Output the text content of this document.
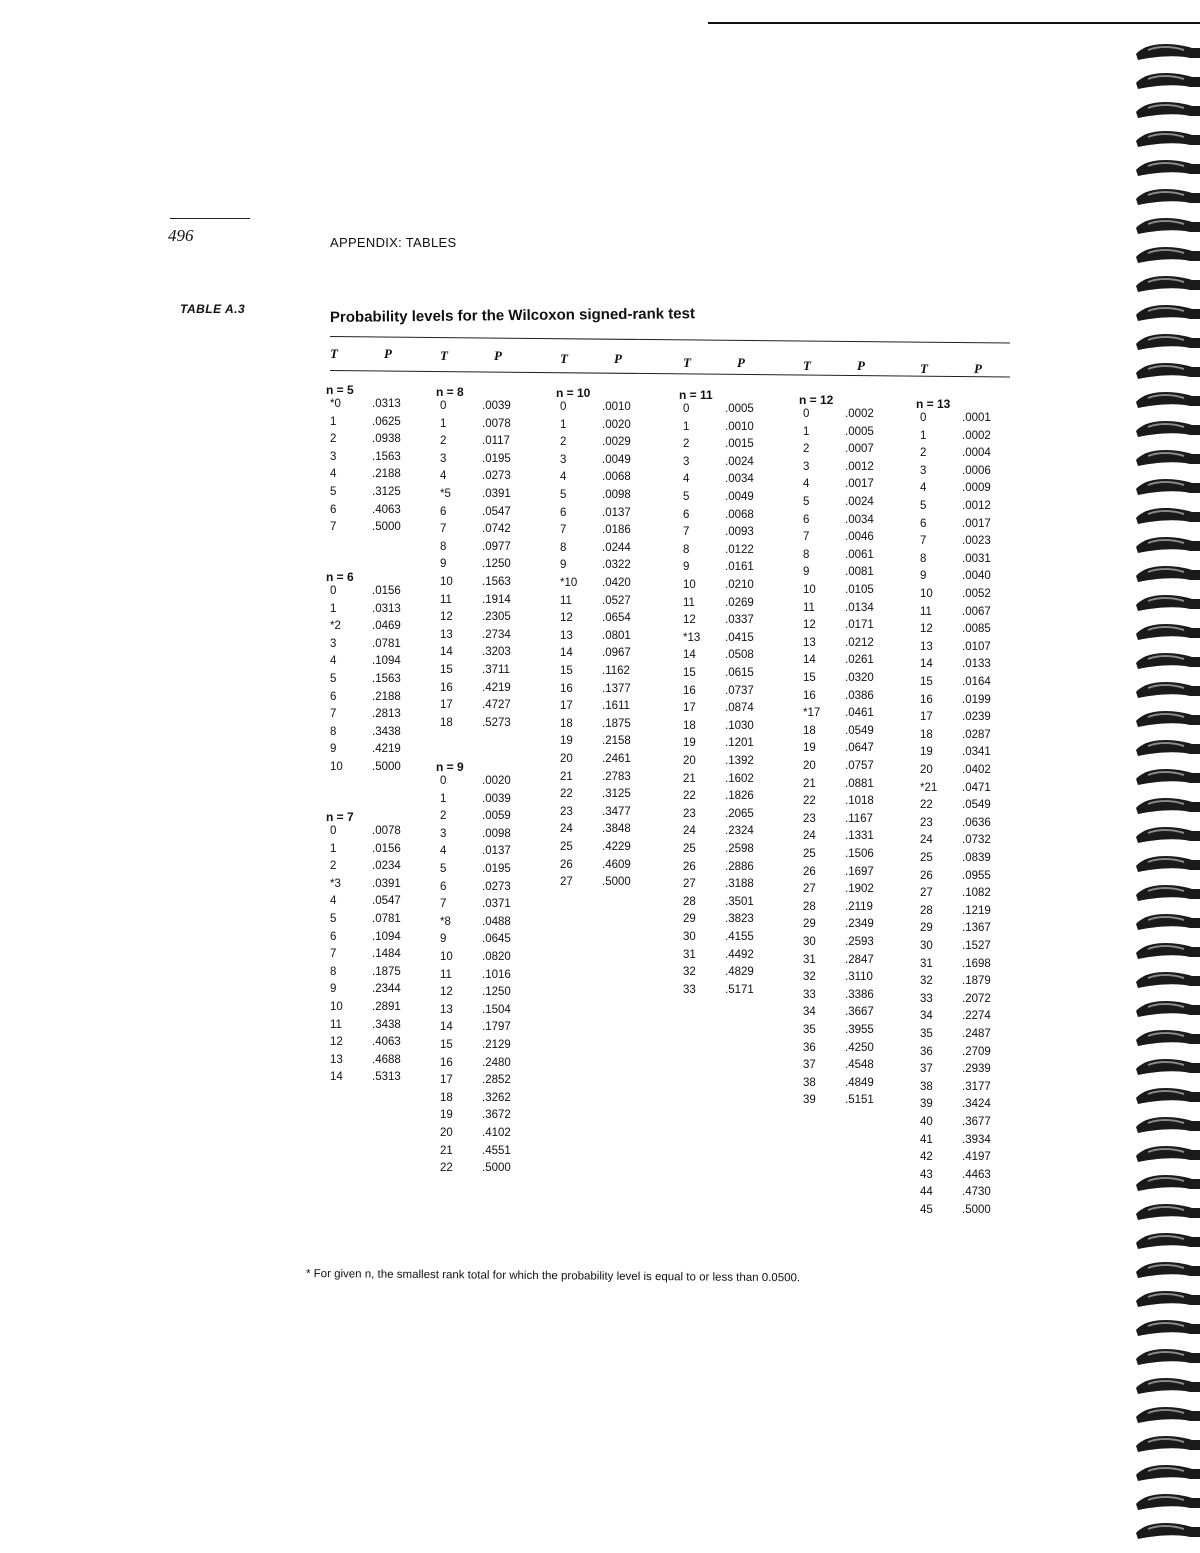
496	APPENDIX: TABLES
TABLE A.3	Probability levels for the Wilcoxon signed-rank test
T	P	T	P	T	P	T	P	T	P	T	P
n = 5
*0	.0313
1	.0625
2	.0938
3	.1563
4	.2188
5	.3125
6	.4063
7	.5000
n = 6
0	.0156
1	.0313
*2	.0469
3	.0781
4	.1094
5	.1563
6	.2188
7	.2813
8	.3438
9	.4219
10	.5000
n = 7
0	.0078
1	.0156
2	.0234
*3	.0391
4	.0547
5	.0781
6	.1094
7	.1484
8	.1875
9	.2344
10	.2891
11	.3438
12	.4063
13	.4688
14	.5313
n = 8
0	.0039
1	.0078
2	.0117
3	.0195
4	.0273
*5	.0391
6	.0547
7	.0742
8	.0977
9	.1250
10	.1563
11	.1914
12	.2305
13	.2734
14	.3203
15	.3711
16	.4219
17	.4727
18	.5273
n = 9
0	.0020
1	.0039
2	.0059
3	.0098
4	.0137
5	.0195
6	.0273
7	.0371
*8	.0488
9	.0645
10	.0820
11	.1016
12	.1250
13	.1504
14	.1797
15	.2129
16	.2480
17	.2852
18	.3262
19	.3672
20	.4102
21	.4551
22	.5000
n = 10
0	.0010
1	.0020
2	.0029
3	.0049
4	.0068
5	.0098
6	.0137
7	.0186
8	.0244
9	.0322
*10	.0420
11	.0527
12	.0654
13	.0801
14	.0967
15	.1162
16	.1377
17	.1611
18	.1875
19	.2158
20	.2461
21	.2783
22	.3125
23	.3477
24	.3848
25	.4229
26	.4609
27	.5000
n = 11
0	.0005
1	.0010
2	.0015
3	.0024
4	.0034
5	.0049
6	.0068
7	.0093
8	.0122
9	.0161
10	.0210
11	.0269
12	.0337
*13	.0415
14	.0508
15	.0615
16	.0737
17	.0874
18	.1030
19	.1201
20	.1392
21	.1602
22	.1826
23	.2065
24	.2324
25	.2598
26	.2886
27	.3188
28	.3501
29	.3823
30	.4155
31	.4492
32	.4829
33	.5171
n = 12
0	.0002
1	.0005
2	.0007
3	.0012
4	.0017
5	.0024
6	.0034
7	.0046
8	.0061
9	.0081
10	.0105
11	.0134
12	.0171
13	.0212
14	.0261
15	.0320
16	.0386
*17	.0461
18	.0549
19	.0647
20	.0757
21	.0881
22	.1018
23	.1167
24	.1331
25	.1506
26	.1697
27	.1902
28	.2119
29	.2349
30	.2593
31	.2847
32	.3110
33	.3386
34	.3667
35	.3955
36	.4250
37	.4548
38	.4849
39	.5151
n = 13
0	.0001
1	.0002
2	.0004
3	.0006
4	.0009
5	.0012
6	.0017
7	.0023
8	.0031
9	.0040
10	.0052
11	.0067
12	.0085
13	.0107
14	.0133
15	.0164
16	.0199
17	.0239
18	.0287
19	.0341
20	.0402
*21	.0471
22	.0549
23	.0636
24	.0732
25	.0839
26	.0955
27	.1082
28	.1219
29	.1367
30	.1527
31	.1698
32	.1879
33	.2072
34	.2274
35	.2487
36	.2709
37	.2939
38	.3177
39	.3424
40	.3677
41	.3934
42	.4197
43	.4463
44	.4730
45	.5000
* For given n, the smallest rank total for which the probability level is equal to or less than 0.0500.
